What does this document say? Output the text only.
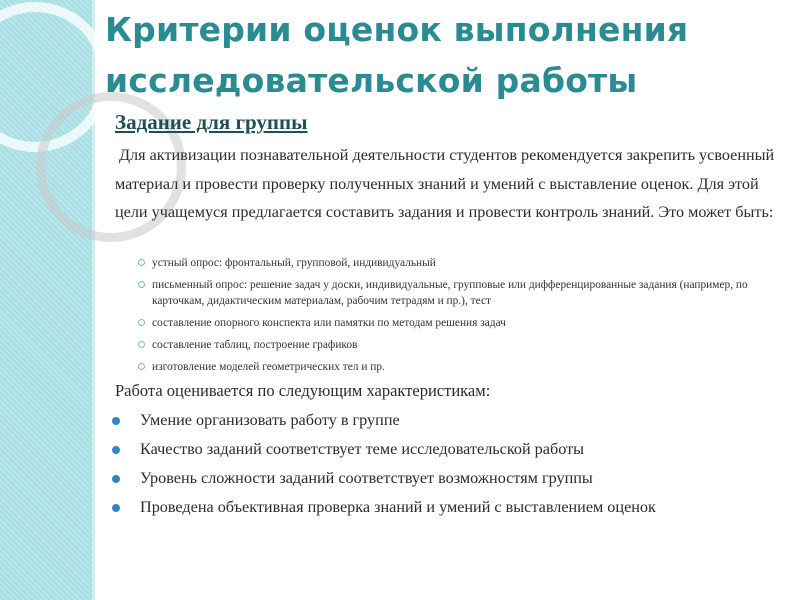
Критерии оценок выполнения исследовательской работы
Задание для группы

Для активизации познавательной деятельности студентов рекомендуется закрепить усвоенный материал и провести проверку полученных знаний и умений с выставление оценок. Для этой цели учащемуся предлагается составить задания и провести контроль знаний. Это может быть:

устный опрос: фронтальный, групповой, индивидуальный
письменный опрос: решение задач у доски, индивидуальные, групповые или дифференцированные задания (например, по карточкам, дидактическим материалам, рабочим тетрадям и пр.), тест
составление опорного конспекта или памятки по методам решения задач
составление таблиц, построение графиков
изготовление моделей геометрических тел и пр.

Работа оценивается по следующим характеристикам:

Умение организовать работу в группе
Качество заданий соответствует теме исследовательской работы
Уровень сложности заданий соответствует возможностям группы
Проведена объективная проверка знаний и умений с выставлением оценок
